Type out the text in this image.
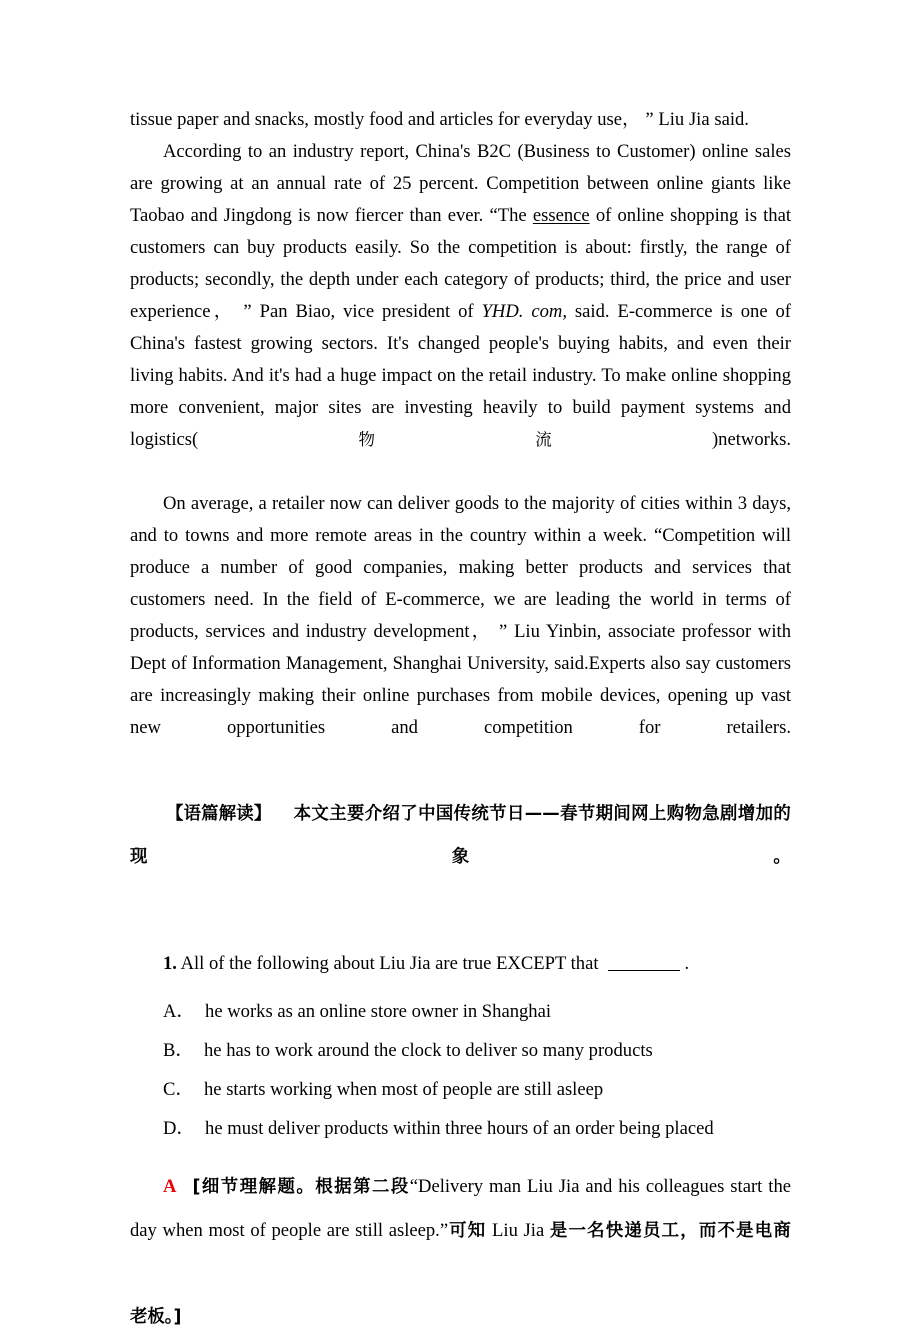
tissue paper and snacks, mostly food and articles for everyday use， ” Liu Jia said.

According to an industry report, China's B2C (Business to Customer) online sales are growing at an annual rate of 25 percent. Competition between online giants like Taobao and Jingdong is now fiercer than ever. “The essence of online shopping is that customers can buy products easily. So the competition is about: firstly, the range of products; secondly, the depth under each category of products; third, the price and user experience， ” Pan Biao, vice president of YHD. com, said. E-commerce is one of China's fastest growing sectors. It's changed people's buying habits, and even their living habits. And it's had a huge impact on the retail industry. To make online shopping more convenient, major sites are investing heavily to build payment systems and logistics(物流)networks.

On average, a retailer now can deliver goods to the majority of cities within 3 days, and to towns and more remote areas in the country within a week. “Competition will produce a number of good companies, making better products and services that customers need. In the field of E-commerce, we are leading the world in terms of products, services and industry development， ” Liu Yinbin, associate professor with Dept of Information Management, Shanghai University, said.Experts also say customers are increasingly making their online purchases from mobile devices, opening up vast new opportunities and competition for retailers.

【语篇解读】 本文主要介绍了中国传统节日——春节期间网上购物急剧增加的现象。
1. All of the following about Liu Jia are true EXCEPT that	.
A． he works as an online store owner in Shanghai
B． he has to work around the clock to deliver so many products
C． he starts working when most of people are still asleep
D． he must deliver products within three hours of an order being placed
A [细节理解题。根据第二段“Delivery man Liu Jia and his colleagues start the day when most of people are still asleep.”可知 Liu Jia 是一名快递员工，而不是电商
老板。]
